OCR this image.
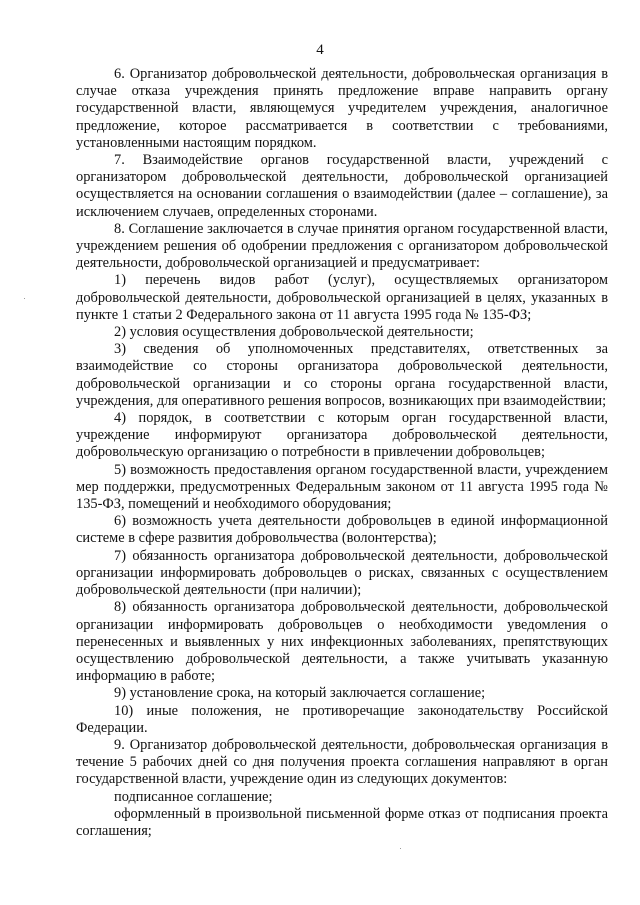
4

6. Организатор добровольческой деятельности, добровольческая организация в случае отказа учреждения принять предложение вправе направить органу государственной власти, являющемуся учредителем учреждения, аналогичное предложение, которое рассматривается в соответствии с требованиями, установленными настоящим порядком.

7. Взаимодействие органов государственной власти, учреждений с организатором добровольческой деятельности, добровольческой организацией осуществляется на основании соглашения о взаимодействии (далее – соглашение), за исключением случаев, определенных сторонами.

8. Соглашение заключается в случае принятия органом государственной власти, учреждением решения об одобрении предложения с организатором добровольческой деятельности, добровольческой организацией и предусматривает:

1) перечень видов работ (услуг), осуществляемых организатором добровольческой деятельности, добровольческой организацией в целях, указанных в пункте 1 статьи 2 Федерального закона от 11 августа 1995 года № 135-ФЗ;

2) условия осуществления добровольческой деятельности;

3) сведения об уполномоченных представителях, ответственных за взаимодействие со стороны организатора добровольческой деятельности, добровольческой организации и со стороны органа государственной власти, учреждения, для оперативного решения вопросов, возникающих при взаимодействии;

4) порядок, в соответствии с которым орган государственной власти, учреждение информируют организатора добровольческой деятельности, добровольческую организацию о потребности в привлечении добровольцев;

5) возможность предоставления органом государственной власти, учреждением мер поддержки, предусмотренных Федеральным законом от 11 августа 1995 года № 135-ФЗ, помещений и необходимого оборудования;

6) возможность учета деятельности добровольцев в единой информационной системе в сфере развития добровольчества (волонтерства);

7) обязанность организатора добровольческой деятельности, добровольческой организации информировать добровольцев о рисках, связанных с осуществлением добровольческой деятельности (при наличии);

8) обязанность организатора добровольческой деятельности, добровольческой организации информировать добровольцев о необходимости уведомления о перенесенных и выявленных у них инфекционных заболеваниях, препятствующих осуществлению добровольческой деятельности, а также учитывать указанную информацию в работе;

9) установление срока, на который заключается соглашение;

10) иные положения, не противоречащие законодательству Российской Федерации.

9. Организатор добровольческой деятельности, добровольческая организация в течение 5 рабочих дней со дня получения проекта соглашения направляют в орган государственной власти, учреждение один из следующих документов:

подписанное соглашение;

оформленный в произвольной письменной форме отказ от подписания проекта соглашения;
